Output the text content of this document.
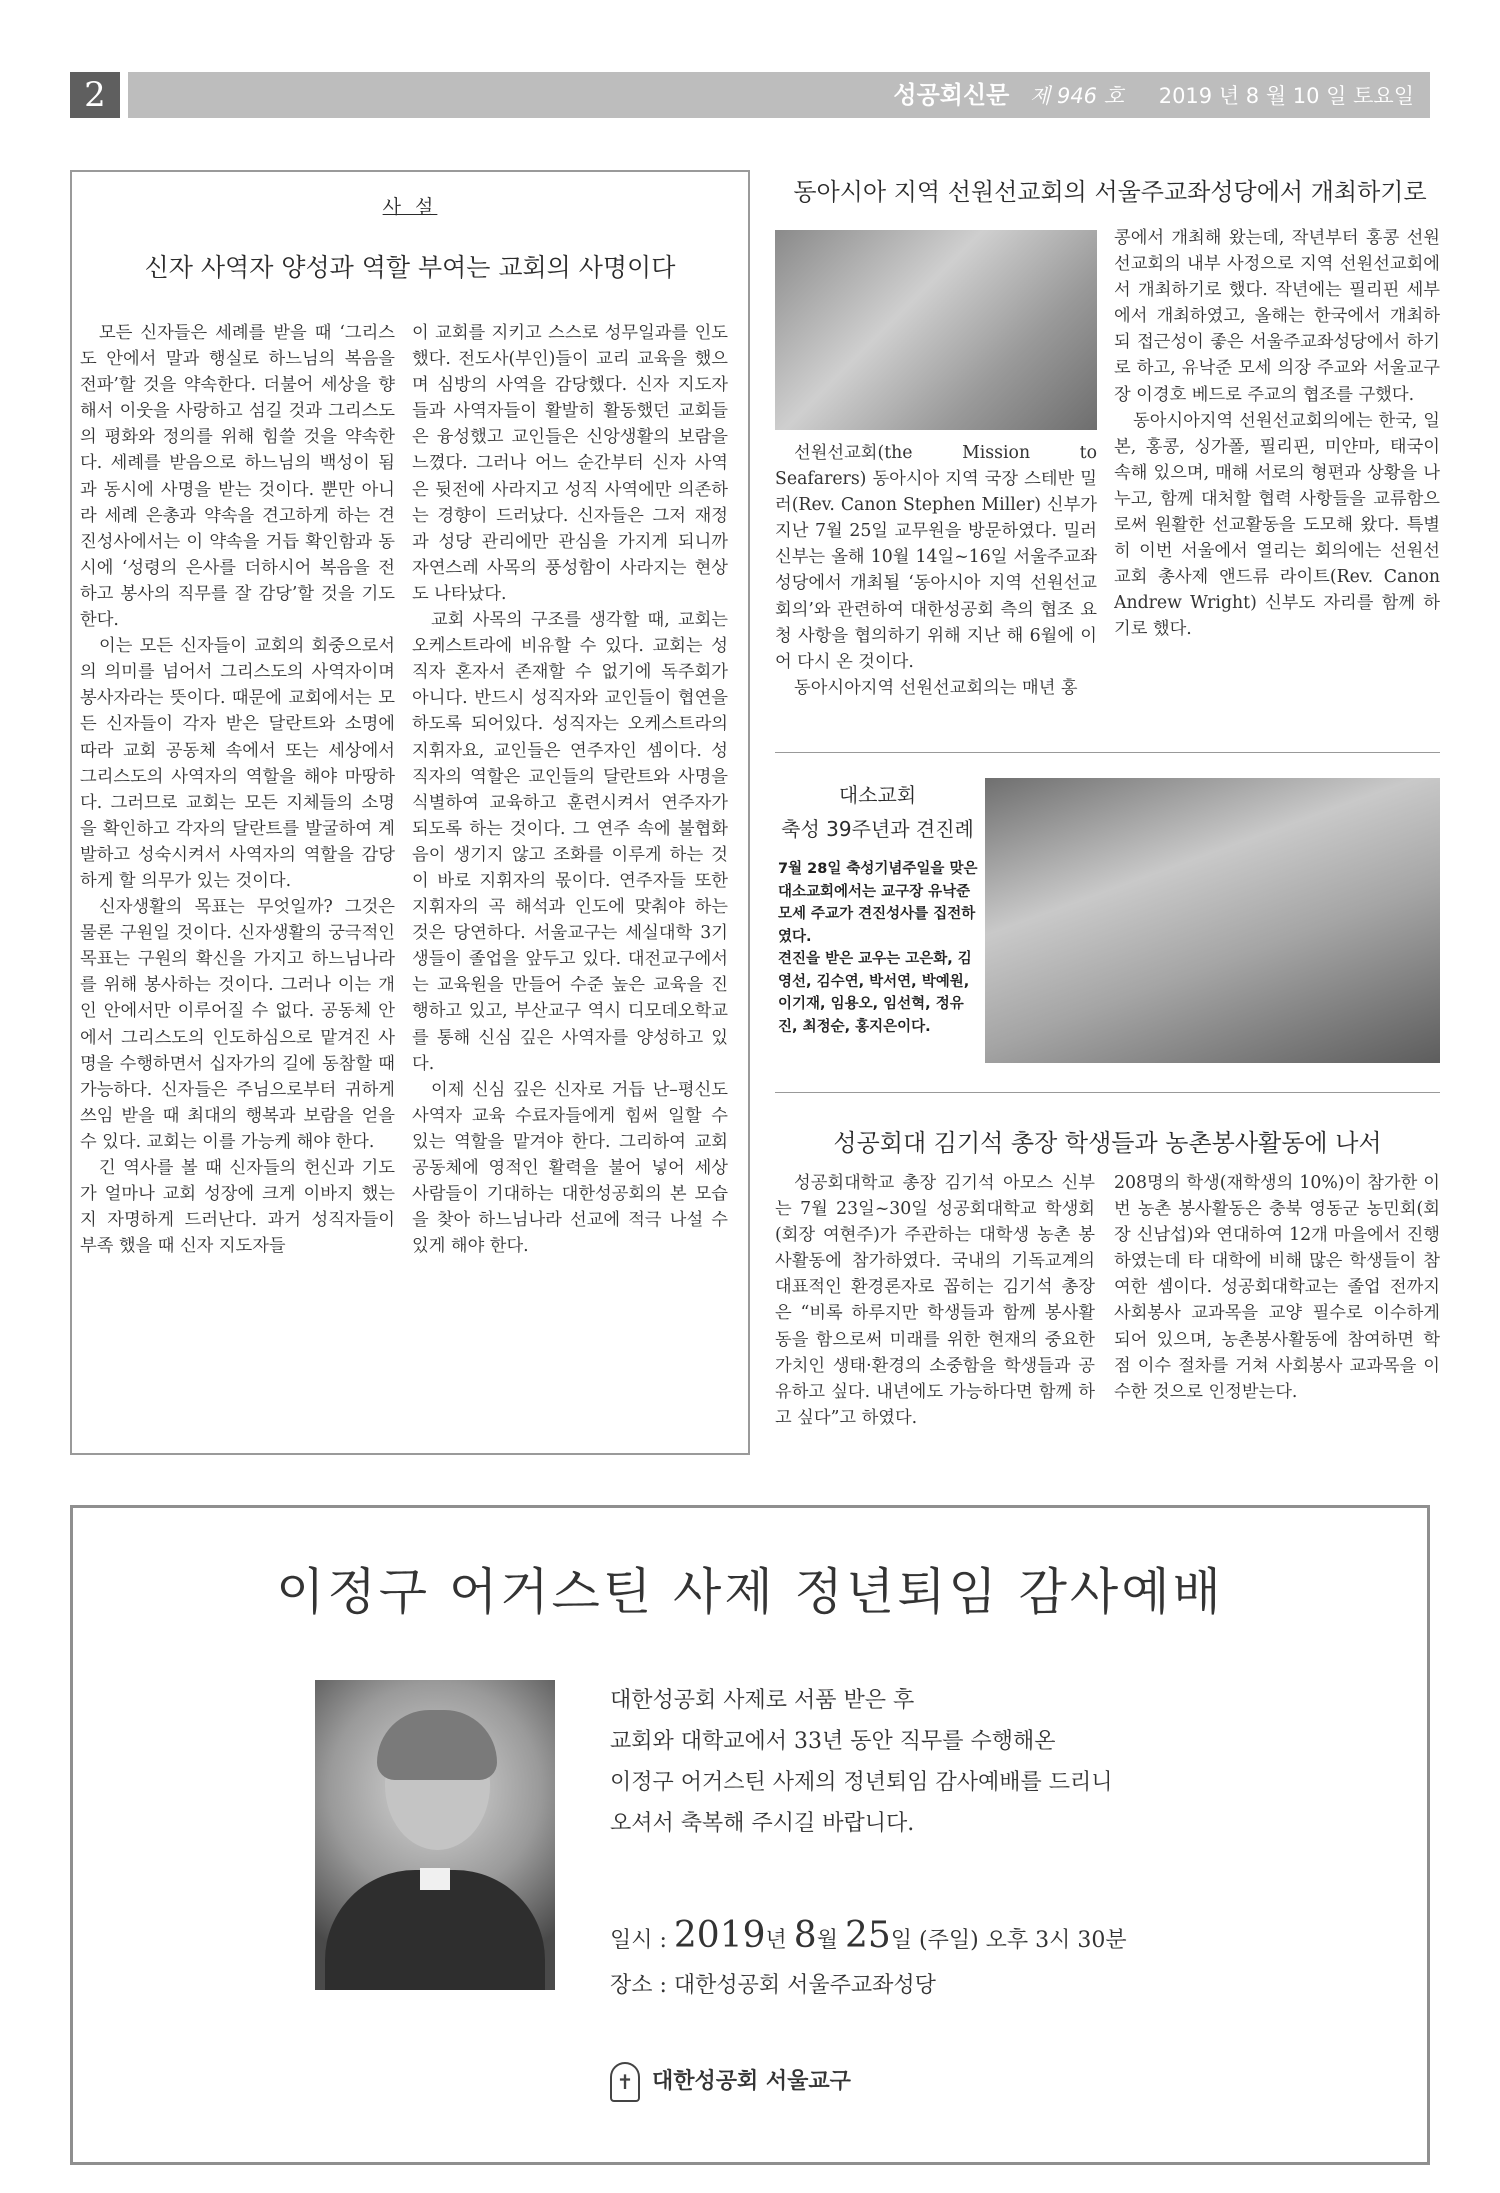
2	성공회신문 제 946 호 2019 년 8 월 10 일 토요일
사 설
신자 사역자 양성과 역할 부여는 교회의 사명이다

모든 신자들은 세례를 받을 때 ‘그리스도 안에서 말과 행실로 하느님의 복음을 전파’할 것을 약속한다. 더불어 세상을 향해서 이웃을 사랑하고 섬길 것과 그리스도의 평화와 정의를 위해 힘쓸 것을 약속한다. 세례를 받음으로 하느님의 백성이 됨과 동시에 사명을 받는 것이다. 뿐만 아니라 세례 은총과 약속을 견고하게 하는 견진성사에서는 이 약속을 거듭 확인함과 동시에 ‘성령의 은사를 더하시어 복음을 전하고 봉사의 직무를 잘 감당’할 것을 기도한다.

이는 모든 신자들이 교회의 회중으로서의 의미를 넘어서 그리스도의 사역자이며 봉사자라는 뜻이다. 때문에 교회에서는 모든 신자들이 각자 받은 달란트와 소명에 따라 교회 공동체 속에서 또는 세상에서 그리스도의 사역자의 역할을 해야 마땅하다. 그러므로 교회는 모든 지체들의 소명을 확인하고 각자의 달란트를 발굴하여 계발하고 성숙시켜서 사역자의 역할을 감당하게 할 의무가 있는 것이다.

신자생활의 목표는 무엇일까? 그것은 물론 구원일 것이다. 신자생활의 궁극적인 목표는 구원의 확신을 가지고 하느님나라를 위해 봉사하는 것이다. 그러나 이는 개인 안에서만 이루어질 수 없다. 공동체 안에서 그리스도의 인도하심으로 맡겨진 사명을 수행하면서 십자가의 길에 동참할 때 가능하다. 신자들은 주님으로부터 귀하게 쓰임 받을 때 최대의 행복과 보람을 얻을 수 있다. 교회는 이를 가능케 해야 한다.

긴 역사를 볼 때 신자들의 헌신과 기도가 얼마나 교회 성장에 크게 이바지 했는지 자명하게 드러난다. 과거 성직자들이 부족 했을 때 신자 지도자들

이 교회를 지키고 스스로 성무일과를 인도했다. 전도사(부인)들이 교리 교육을 했으며 심방의 사역을 감당했다. 신자 지도자들과 사역자들이 활발히 활동했던 교회들은 융성했고 교인들은 신앙생활의 보람을 느꼈다. 그러나 어느 순간부터 신자 사역은 뒷전에 사라지고 성직 사역에만 의존하는 경향이 드러났다. 신자들은 그저 재정과 성당 관리에만 관심을 가지게 되니까 자연스레 사목의 풍성함이 사라지는 현상도 나타났다.

교회 사목의 구조를 생각할 때, 교회는 오케스트라에 비유할 수 있다. 교회는 성직자 혼자서 존재할 수 없기에 독주회가 아니다. 반드시 성직자와 교인들이 협연을 하도록 되어있다. 성직자는 오케스트라의 지휘자요, 교인들은 연주자인 셈이다. 성직자의 역할은 교인들의 달란트와 사명을 식별하여 교육하고 훈련시켜서 연주자가 되도록 하는 것이다. 그 연주 속에 불협화음이 생기지 않고 조화를 이루게 하는 것이 바로 지휘자의 몫이다. 연주자들 또한 지휘자의 곡 해석과 인도에 맞춰야 하는 것은 당연하다. 서울교구는 세실대학 3기생들이 졸업을 앞두고 있다. 대전교구에서는 교육원을 만들어 수준 높은 교육을 진행하고 있고, 부산교구 역시 디모데오학교를 통해 신심 깊은 사역자를 양성하고 있다.

이제 신심 깊은 신자로 거듭 난–평신도 사역자 교육 수료자들에게 힘써 일할 수 있는 역할을 맡겨야 한다. 그리하여 교회 공동체에 영적인 활력을 불어 넣어 세상 사람들이 기대하는 대한성공회의 본 모습을 찾아 하느님나라 선교에 적극 나설 수 있게 해야 한다.

동아시아 지역 선원선교회의 서울주교좌성당에서 개최하기로

선원선교회(the Mission to Seafarers) 동아시아 지역 국장 스테반 밀러(Rev. Canon Stephen Miller) 신부가 지난 7월 25일 교무원을 방문하였다. 밀러 신부는 올해 10월 14일~16일 서울주교좌성당에서 개최될 ‘동아시아 지역 선원선교 회의’와 관련하여 대한성공회 측의 협조 요청 사항을 협의하기 위해 지난 해 6월에 이어 다시 온 것이다.

동아시아지역 선원선교회의는 매년 홍

콩에서 개최해 왔는데, 작년부터 홍콩 선원선교회의 내부 사정으로 지역 선원선교회에서 개최하기로 했다. 작년에는 필리핀 세부에서 개최하였고, 올해는 한국에서 개최하되 접근성이 좋은 서울주교좌성당에서 하기로 하고, 유낙준 모세 의장 주교와 서울교구장 이경호 베드로 주교의 협조를 구했다.

동아시아지역 선원선교회의에는 한국, 일본, 홍콩, 싱가폴, 필리핀, 미얀마, 태국이 속해 있으며, 매해 서로의 형편과 상황을 나누고, 함께 대처할 협력 사항들을 교류함으로써 원활한 선교활동을 도모해 왔다. 특별히 이번 서울에서 열리는 회의에는 선원선교회 총사제 앤드류 라이트(Rev. Canon Andrew Wright) 신부도 자리를 함께 하기로 했다.

대소교회
축성 39주년과 견진례

7월 28일 축성기념주일을 맞은 대소교회에서는 교구장 유낙준 모세 주교가 견진성사를 집전하였다.

견진을 받은 교우는 고은화, 김영선, 김수연, 박서연, 박예원, 이기재, 임용오, 임선혁, 정유진, 최정순, 홍지은이다.

성공회대 김기석 총장 학생들과 농촌봉사활동에 나서

성공회대학교 총장 김기석 아모스 신부는 7월 23일~30일 성공회대학교 학생회(회장 여현주)가 주관하는 대학생 농촌 봉사활동에 참가하였다. 국내의 기독교계의 대표적인 환경론자로 꼽히는 김기석 총장은 “비록 하루지만 학생들과 함께 봉사활동을 함으로써 미래를 위한 현재의 중요한 가치인 생태·환경의 소중함을 학생들과 공유하고 싶다. 내년에도 가능하다면 함께 하고 싶다”고 하였다.

208명의 학생(재학생의 10%)이 참가한 이번 농촌 봉사활동은 충북 영동군 농민회(회장 신남섭)와 연대하여 12개 마을에서 진행하였는데 타 대학에 비해 많은 학생들이 참여한 셈이다. 성공회대학교는 졸업 전까지 사회봉사 교과목을 교양 필수로 이수하게 되어 있으며, 농촌봉사활동에 참여하면 학점 이수 절차를 거쳐 사회봉사 교과목을 이수한 것으로 인정받는다.

이정구 어거스틴 사제 정년퇴임 감사예배

대한성공회 사제로 서품 받은 후

교회와 대학교에서 33년 동안 직무를 수행해온

이정구 어거스틴 사제의 정년퇴임 감사예배를 드리니

오셔서 축복해 주시길 바랍니다.

일시 : 2019년 8월 25일 (주일) 오후 3시 30분
장소 : 대한성공회 서울주교좌성당
✝ 대한성공회 서울교구
